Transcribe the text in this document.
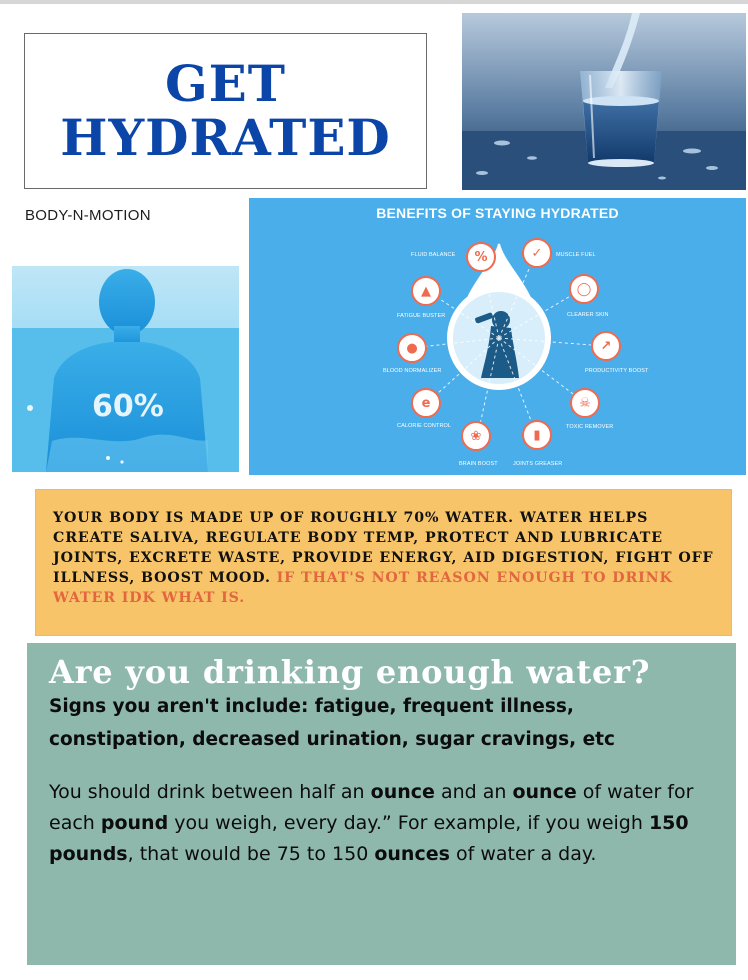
GET
HYDRATED
BODY-N-MOTION
60%
BENEFITS OF STAYING HYDRATED
%	✓
▲	◯
●	↗
e	☠
❀	▮
FLUID BALANCE	MUSCLE FUEL
FATIGUE BUSTER	CLEARER SKIN
BLOOD NORMALIZER	PRODUCTIVITY BOOST
CALORIE CONTROL	TOXIC REMOVER
BRAIN BOOST	JOINTS GREASER

YOUR BODY IS MADE UP OF ROUGHLY 70% WATER. WATER HELPS CREATE SALIVA, REGULATE BODY TEMP, PROTECT AND LUBRICATE JOINTS, EXCRETE WASTE, PROVIDE ENERGY, AID DIGESTION, FIGHT OFF ILLNESS, BOOST MOOD. IF THAT'S NOT REASON ENOUGH TO DRINK WATER IDK WHAT IS.

Are you drinking enough water?

Signs you aren't include: fatigue, frequent illness, constipation, decreased urination, sugar cravings, etc

You should drink between half an ounce and an ounce of water for each pound you weigh, every day.” For example, if you weigh 150 pounds, that would be 75 to 150 ounces of water a day.
